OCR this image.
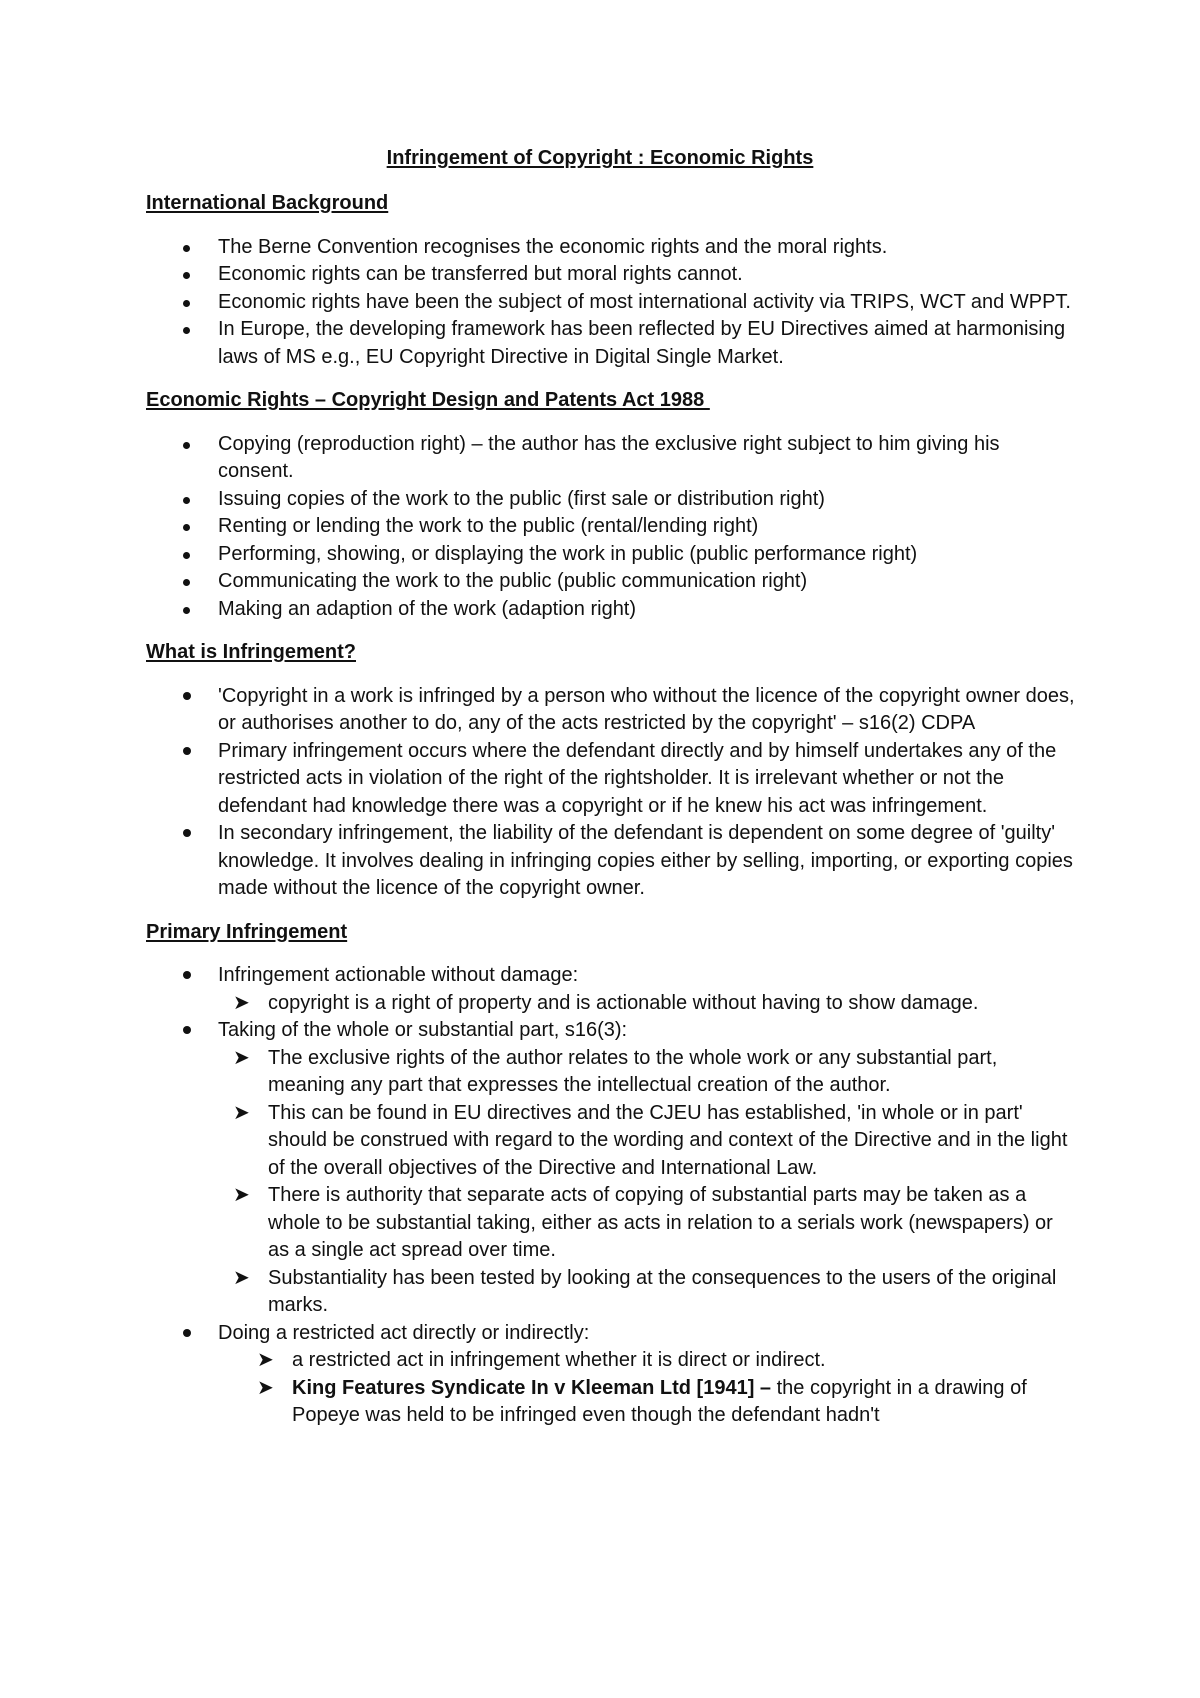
Infringement of Copyright : Economic Rights
International Background
The Berne Convention recognises the economic rights and the moral rights.
Economic rights can be transferred but moral rights cannot.
Economic rights have been the subject of most international activity via TRIPS, WCT and WPPT.
In Europe, the developing framework has been reflected by EU Directives aimed at harmonising laws of MS e.g., EU Copyright Directive in Digital Single Market.
Economic Rights – Copyright Design and Patents Act 1988
Copying (reproduction right) – the author has the exclusive right subject to him giving his consent.
Issuing copies of the work to the public (first sale or distribution right)
Renting or lending the work to the public (rental/lending right)
Performing, showing, or displaying the work in public (public performance right)
Communicating the work to the public (public communication right)
Making an adaption of the work (adaption right)
What is Infringement?
'Copyright in a work is infringed by a person who without the licence of the copyright owner does, or authorises another to do, any of the acts restricted by the copyright' – s16(2) CDPA
Primary infringement occurs where the defendant directly and by himself undertakes any of the restricted acts in violation of the right of the rightsholder. It is irrelevant whether or not the defendant had knowledge there was a copyright or if he knew his act was infringement.
In secondary infringement, the liability of the defendant is dependent on some degree of 'guilty' knowledge. It involves dealing in infringing copies either by selling, importing, or exporting copies made without the licence of the copyright owner.
Primary Infringement
Infringement actionable without damage:
➤ copyright is a right of property and is actionable without having to show damage.
Taking of the whole or substantial part, s16(3):
➤ The exclusive rights of the author relates to the whole work or any substantial part, meaning any part that expresses the intellectual creation of the author.
➤ This can be found in EU directives and the CJEU has established, 'in whole or in part' should be construed with regard to the wording and context of the Directive and in the light of the overall objectives of the Directive and International Law.
➤ There is authority that separate acts of copying of substantial parts may be taken as a whole to be substantial taking, either as acts in relation to a serials work (newspapers) or as a single act spread over time.
➤ Substantiality has been tested by looking at the consequences to the users of the original marks.
Doing a restricted act directly or indirectly:
➤ a restricted act in infringement whether it is direct or indirect.
➤ King Features Syndicate In v Kleeman Ltd [1941] – the copyright in a drawing of Popeye was held to be infringed even though the defendant hadn't
